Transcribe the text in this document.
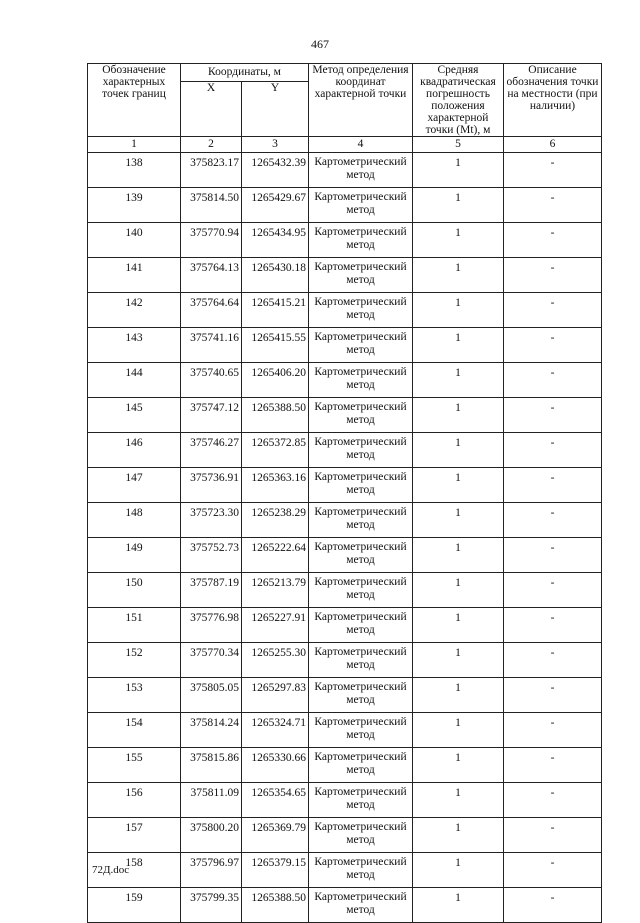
467
Обозначение характерных точек границ	Координаты, м		Метод определения координат характерной точки	Средняя квадратическая погрешность положения характерной точки (Mt), м	Описание обозначения точки на местности (при наличии)
	X	Y			
1	2	3	4	5	6
138	375823.17	1265432.39	Картометрический метод	1	-
139	375814.50	1265429.67	Картометрический метод	1	-
140	375770.94	1265434.95	Картометрический метод	1	-
141	375764.13	1265430.18	Картометрический метод	1	-
142	375764.64	1265415.21	Картометрический метод	1	-
143	375741.16	1265415.55	Картометрический метод	1	-
144	375740.65	1265406.20	Картометрический метод	1	-
145	375747.12	1265388.50	Картометрический метод	1	-
146	375746.27	1265372.85	Картометрический метод	1	-
147	375736.91	1265363.16	Картометрический метод	1	-
148	375723.30	1265238.29	Картометрический метод	1	-
149	375752.73	1265222.64	Картометрический метод	1	-
150	375787.19	1265213.79	Картометрический метод	1	-
151	375776.98	1265227.91	Картометрический метод	1	-
152	375770.34	1265255.30	Картометрический метод	1	-
153	375805.05	1265297.83	Картометрический метод	1	-
154	375814.24	1265324.71	Картометрический метод	1	-
155	375815.86	1265330.66	Картометрический метод	1	-
156	375811.09	1265354.65	Картометрический метод	1	-
157	375800.20	1265369.79	Картометрический метод	1	-
158	375796.97	1265379.15	Картометрический метод	1	-
159	375799.35	1265388.50	Картометрический метод	1	-
72Д.doc
